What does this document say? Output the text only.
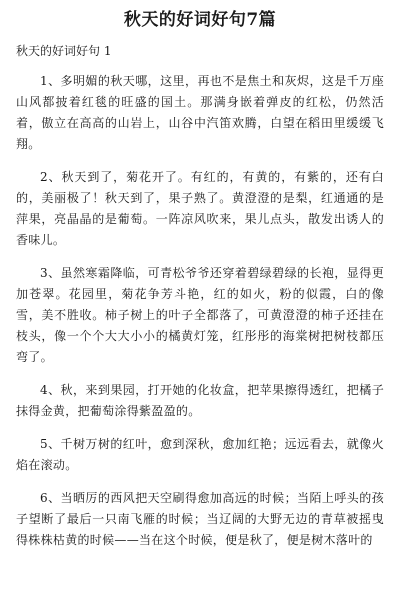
秋天的好词好句7篇
秋天的好词好句 1

1、多明媚的秋天哪，这里，再也不是焦土和灰烬，这是千万座山风都披着红毯的旺盛的国土。那满身嵌着弹皮的红松，仍然活着，傲立在高高的山岩上，山谷中汽笛欢腾，白望在稻田里缓缓飞翔。

2、秋天到了，菊花开了。有红的，有黄的，有紫的，还有白的，美丽极了！秋天到了，果子熟了。黄澄澄的是梨，红通通的是萍果，亮晶晶的是葡萄。一阵凉风吹来，果儿点头，散发出诱人的香味儿。

3、虽然寒霜降临，可青松爷爷还穿着碧绿碧绿的长袍，显得更加苍翠。花园里，菊花争芳斗艳，红的如火，粉的似霞，白的像雪，美不胜收。柿子树上的叶子全都落了，可黄澄澄的柿子还挂在枝头，像一个个大大小小的橘黄灯笼，红彤彤的海棠树把树枝都压弯了。

4、秋，来到果园，打开她的化妆盒，把苹果擦得透红，把橘子抹得金黄，把葡萄涂得紫盈盈的。

5、千树万树的红叶，愈到深秋，愈加红艳；远远看去，就像火焰在滚动。

6、当晒厉的西风把天空刷得愈加高远的时候；当陌上呼头的孩子望断了最后一只南飞雁的时候；当辽阔的大野无边的青草被摇曳得株株枯黄的时候——当在这个时候，便是秋了，便是树木落叶的
